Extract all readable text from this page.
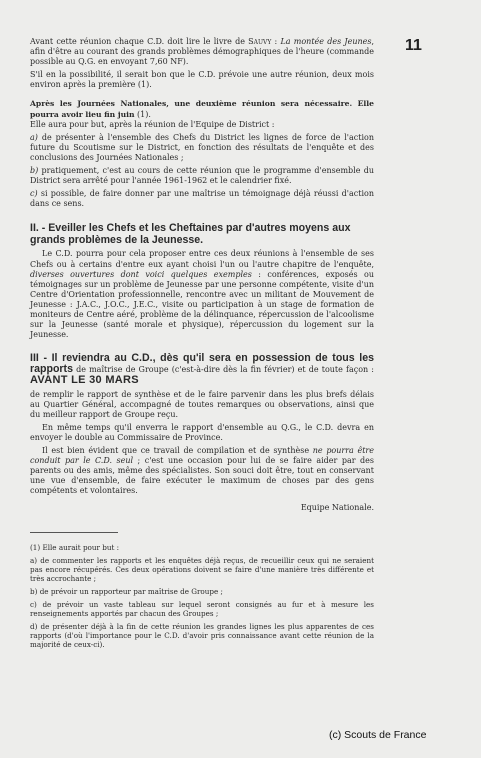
11

Avant cette réunion chaque C.D. doit lire le livre de Sauvy : La montée des Jeunes, afin d'être au courant des grands problèmes démographiques de l'heure (commande possible au Q.G. en envoyant 7,60 NF).

S'il en la possibilité, il serait bon que le C.D. prévoie une autre réunion, deux mois environ après la première (1).

Après les Journées Nationales, une deuxième réunion sera nécessaire. Elle pourra avoir lieu fin juin (1).

Elle aura pour but, après la réunion de l'Equipe de District :

a) de présenter à l'ensemble des Chefs du District les lignes de force de l'action future du Scoutisme sur le District, en fonction des résultats de l'enquête et des conclusions des Journées Nationales ;

b) pratiquement, c'est au cours de cette réunion que le programme d'ensemble du District sera arrêté pour l'année 1961-1962 et le calendrier fixé.

c) si possible, de faire donner par une maîtrise un témoignage déjà réussi d'action dans ce sens.

II. - Eveiller les Chefs et les Cheftaines par d'autres moyens aux grands problèmes de la Jeunesse.

Le C.D. pourra pour cela proposer entre ces deux réunions à l'ensemble de ses Chefs ou à certains d'entre eux ayant choisi l'un ou l'autre chapitre de l'enquête, diverses ouvertures dont voici quelques exemples : conférences, exposés ou témoignages sur un problème de Jeunesse par une personne compétente, visite d'un Centre d'Orientation professionnelle, rencontre avec un militant de Mouvement de Jeunesse : J.A.C., J.O.C., J.E.C., visite ou participation à un stage de formation de moniteurs de Centre aéré, problème de la délinquance, répercussion de l'alcoolisme sur la Jeunesse (santé morale et physique), répercussion du logement sur la Jeunesse.

III - Il reviendra au C.D., dès qu'il sera en possession de tous les rapports de maîtrise de Groupe (c'est-à-dire dès la fin février) et de toute façon : AVANT LE 30 MARS

de remplir le rapport de synthèse et de le faire parvenir dans les plus brefs délais au Quartier Général, accompagné de toutes remarques ou observations, ainsi que du meilleur rapport de Groupe reçu.

En même temps qu'il enverra le rapport d'ensemble au Q.G., le C.D. devra en envoyer le double au Commissaire de Province.

Il est bien évident que ce travail de compilation et de synthèse ne pourra être conduit par le C.D. seul ; c'est une occasion pour lui de se faire aider par des parents ou des amis, même des spécialistes. Son souci doit être, tout en conservant une vue d'ensemble, de faire exécuter le maximum de choses par des gens compétents et volontaires.

Equipe Nationale.

(1) Elle aurait pour but :

a) de commenter les rapports et les enquêtes déjà reçus, de recueillir ceux qui ne seraient pas encore récupérés. Ces deux opérations doivent se faire d'une manière très différente et très accrochante ;

b) de prévoir un rapporteur par maîtrise de Groupe ;

c) de prévoir un vaste tableau sur lequel seront consignés au fur et à mesure les renseignements apportés par chacun des Groupes ;

d) de présenter déjà à la fin de cette réunion les grandes lignes les plus apparentes de ces rapports (d'où l'importance pour le C.D. d'avoir pris connaissance avant cette réunion de la majorité de ceux-ci).

(c) Scouts de France
